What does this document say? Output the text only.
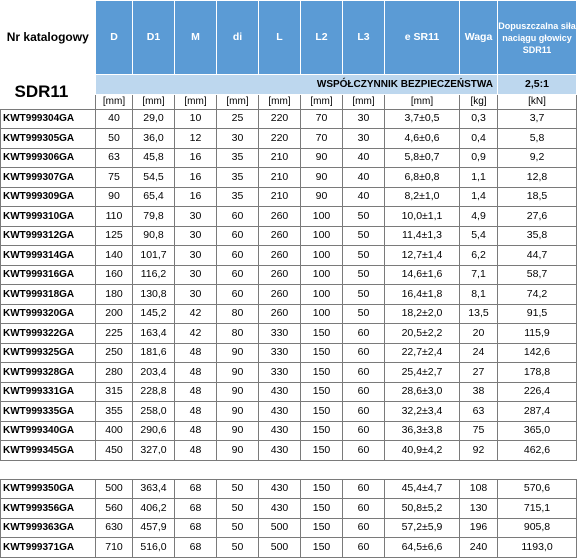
Nr katalogowy	D	D1	M	di	L	L2	L3	e SR11	Waga	Dopuszczalna siła naciągu głowicy SDR11
SDR11	WSPÓŁCZYNNIK BEZPIECZEŃSTWA									2,5:1
	[mm]	[mm]	[mm]	[mm]	[mm]	[mm]	[mm]	[mm]	[kg]	[kN]
KWT999304GA	40	29,0	10	25	220	70	30	3,7±0,5	0,3	3,7
KWT999305GA	50	36,0	12	30	220	70	30	4,6±0,6	0,4	5,8
KWT999306GA	63	45,8	16	35	210	90	40	5,8±0,7	0,9	9,2
KWT999307GA	75	54,5	16	35	210	90	40	6,8±0,8	1,1	12,8
KWT999309GA	90	65,4	16	35	210	90	40	8,2±1,0	1,4	18,5
KWT999310GA	110	79,8	30	60	260	100	50	10,0±1,1	4,9	27,6
KWT999312GA	125	90,8	30	60	260	100	50	11,4±1,3	5,4	35,8
KWT999314GA	140	101,7	30	60	260	100	50	12,7±1,4	6,2	44,7
KWT999316GA	160	116,2	30	60	260	100	50	14,6±1,6	7,1	58,7
KWT999318GA	180	130,8	30	60	260	100	50	16,4±1,8	8,1	74,2
KWT999320GA	200	145,2	42	80	260	100	50	18,2±2,0	13,5	91,5
KWT999322GA	225	163,4	42	80	330	150	60	20,5±2,2	20	115,9
KWT999325GA	250	181,6	48	90	330	150	60	22,7±2,4	24	142,6
KWT999328GA	280	203,4	48	90	330	150	60	25,4±2,7	27	178,8
KWT999331GA	315	228,8	48	90	430	150	60	28,6±3,0	38	226,4
KWT999335GA	355	258,0	48	90	430	150	60	32,2±3,4	63	287,4
KWT999340GA	400	290,6	48	90	430	150	60	36,3±3,8	75	365,0
KWT999345GA	450	327,0	48	90	430	150	60	40,9±4,2	92	462,6

KWT999350GA	500	363,4	68	50	430	150	60	45,4±4,7	108	570,6
KWT999356GA	560	406,2	68	50	430	150	60	50,8±5,2	130	715,1
KWT999363GA	630	457,9	68	50	500	150	60	57,2±5,9	196	905,8
KWT999371GA	710	516,0	68	50	500	150	60	64,5±6,6	240	1193,0
